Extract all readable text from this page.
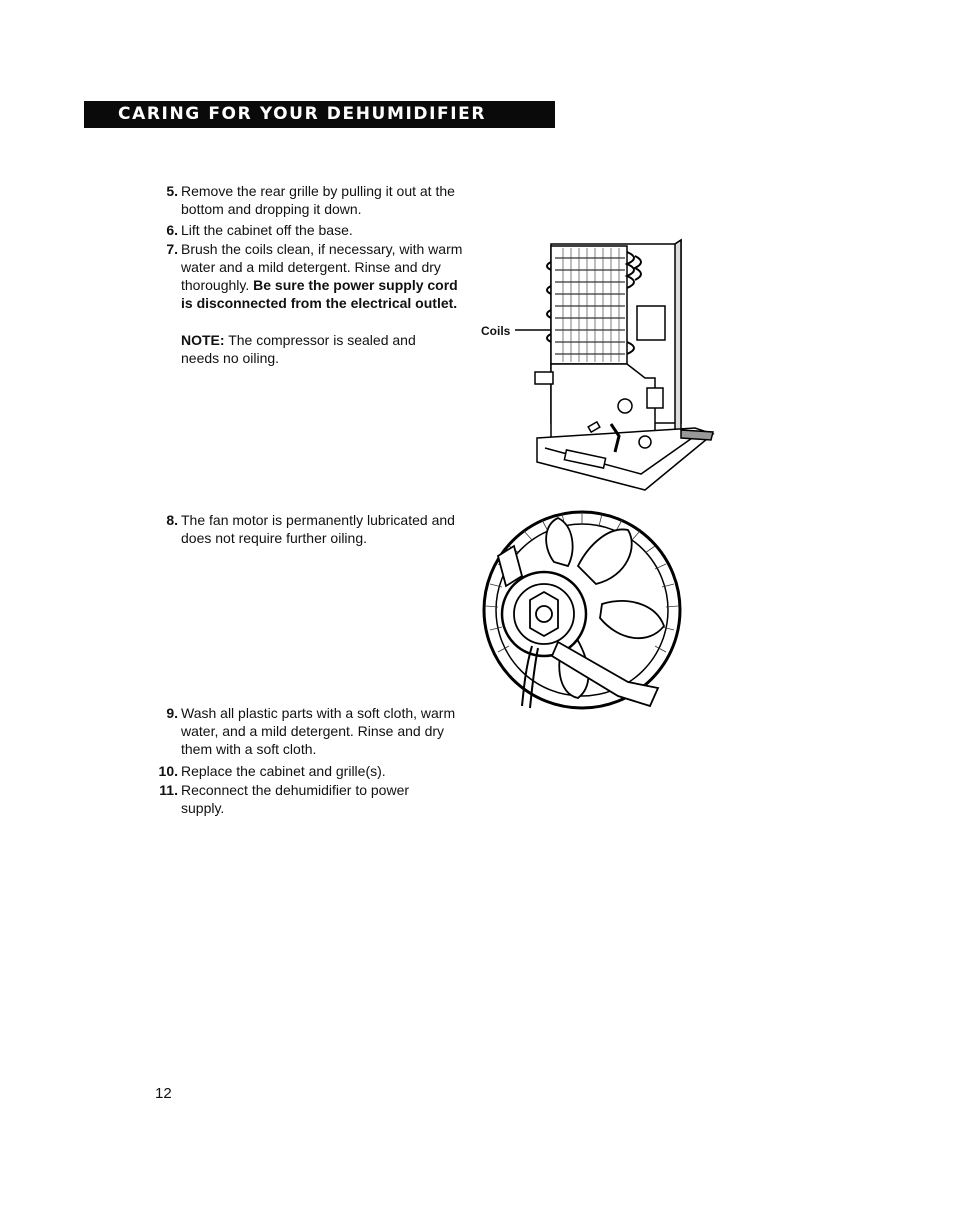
CARING FOR YOUR DEHUMIDIFIER
5. Remove the rear grille by pulling it out at the bottom and dropping it down.
6. Lift the cabinet off the base.
7. Brush the coils clean, if necessary, with warm water and a mild detergent. Rinse and dry thoroughly. Be sure the power supply cord is disconnected from the electrical outlet.
NOTE: The compressor is sealed and needs no oiling.
8. The fan motor is permanently lubricated and does not require further oiling.
9. Wash all plastic parts with a soft cloth, warm water, and a mild detergent. Rinse and dry them with a soft cloth.
10. Replace the cabinet and grille(s).
11. Reconnect the dehumidifier to power supply.
Coils
12
